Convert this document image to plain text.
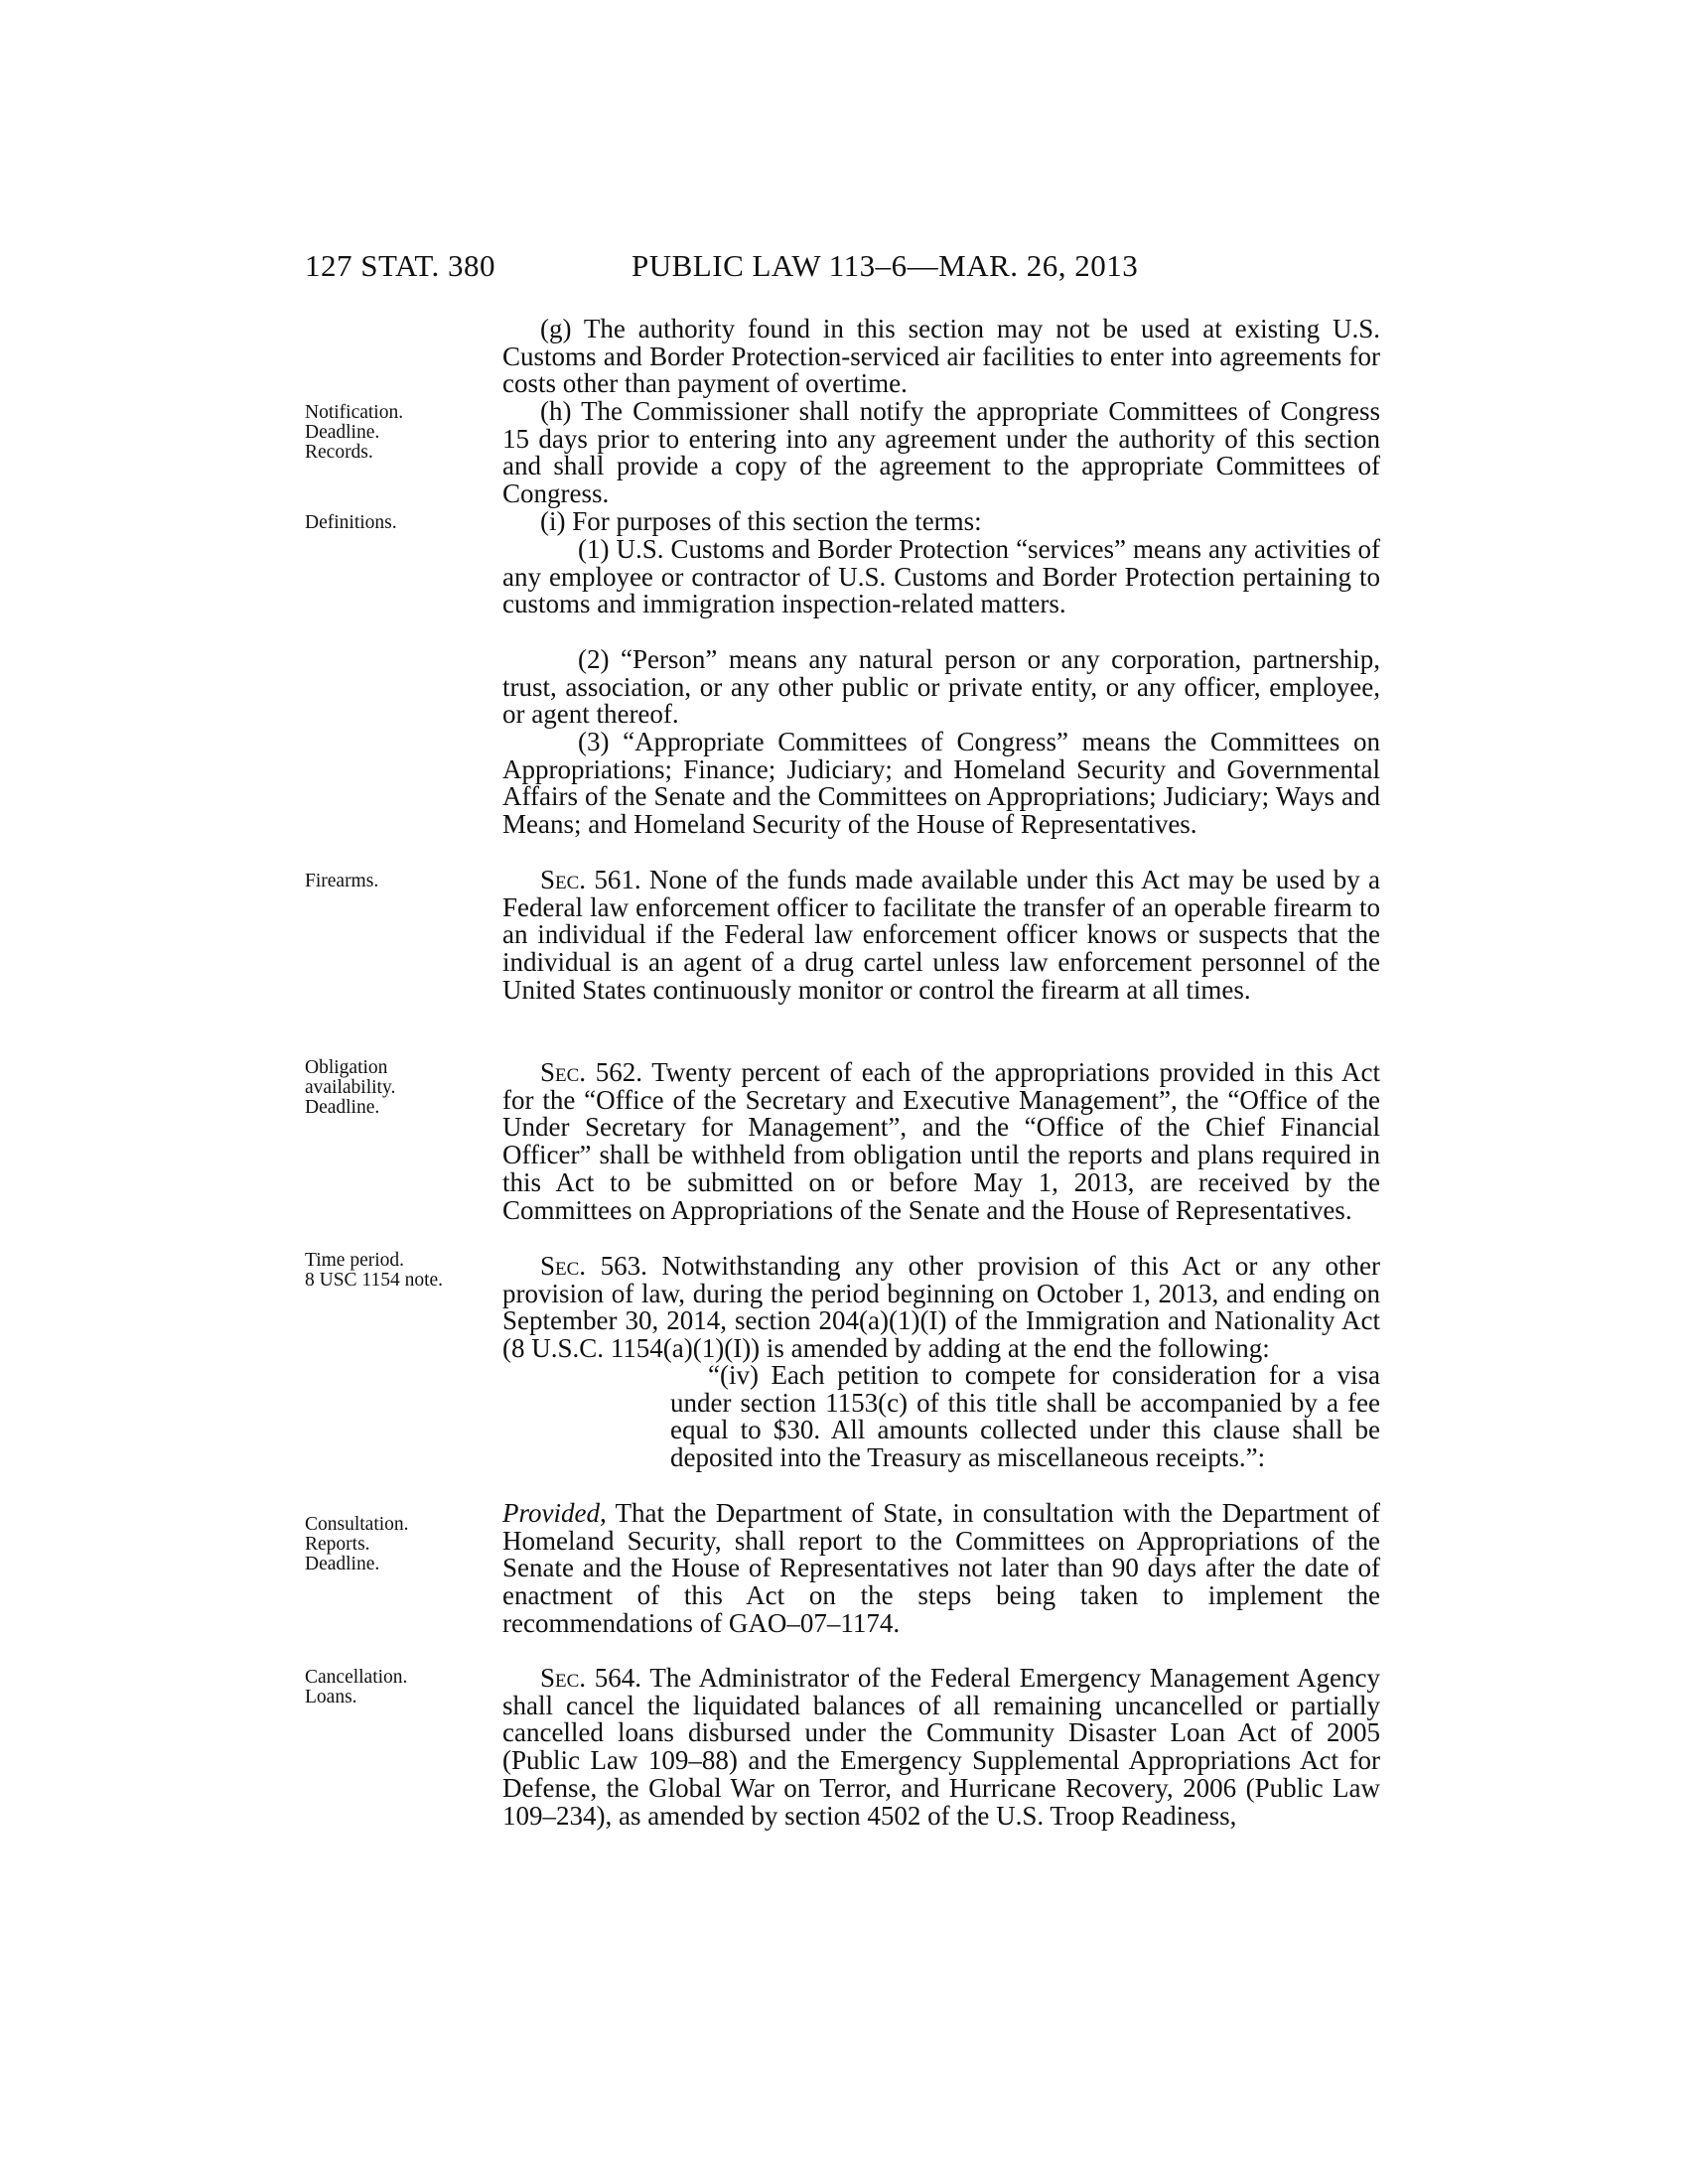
127 STAT. 380	PUBLIC LAW 113–6—MAR. 26, 2013
(g) The authority found in this section may not be used at existing U.S. Customs and Border Protection-serviced air facilities to enter into agreements for costs other than payment of overtime.
Notification.
Deadline.
Records.
(h) The Commissioner shall notify the appropriate Committees of Congress 15 days prior to entering into any agreement under the authority of this section and shall provide a copy of the agreement to the appropriate Committees of Congress.
Definitions.	(i) For purposes of this section the terms:
(1) U.S. Customs and Border Protection “services” means any activities of any employee or contractor of U.S. Customs and Border Protection pertaining to customs and immigration inspection-related matters.
(2) “Person” means any natural person or any corporation, partnership, trust, association, or any other public or private entity, or any officer, employee, or agent thereof.
(3) “Appropriate Committees of Congress” means the Committees on Appropriations; Finance; Judiciary; and Homeland Security and Governmental Affairs of the Senate and the Committees on Appropriations; Judiciary; Ways and Means; and Homeland Security of the House of Representatives.
Firearms.	Sec. 561. None of the funds made available under this Act may be used by a Federal law enforcement officer to facilitate the transfer of an operable firearm to an individual if the Federal law enforcement officer knows or suspects that the individual is an agent of a drug cartel unless law enforcement personnel of the United States continuously monitor or control the firearm at all times.

Obligation
availability.
Deadline.

Sec. 562. Twenty percent of each of the appropriations provided in this Act for the “Office of the Secretary and Executive Management”, the “Office of the Under Secretary for Management”, and the “Office of the Chief Financial Officer” shall be withheld from obligation until the reports and plans required in this Act to be submitted on or before May 1, 2013, are received by the Committees on Appropriations of the Senate and the House of Representatives.

Time period.
8 USC 1154 note.	Sec. 563. Notwithstanding any other provision of this Act or any other provision of law, during the period beginning on October 1, 2013, and ending on September 30, 2014, section 204(a)(1)(I) of the Immigration and Nationality Act (8 U.S.C. 1154(a)(1)(I)) is amended by adding at the end the following:

“(iv) Each petition to compete for consideration for a visa under section 1153(c) of this title shall be accompanied by a fee equal to $30. All amounts collected under this clause shall be deposited into the Treasury as miscellaneous receipts.”:
Consultation.
Reports.
Deadline.

Provided, That the Department of State, in consultation with the Department of Homeland Security, shall report to the Committees on Appropriations of the Senate and the House of Representatives not later than 90 days after the date of enactment of this Act on the steps being taken to implement the recommendations of GAO–07–1174.

Cancellation.
Loans.

Sec. 564. The Administrator of the Federal Emergency Management Agency shall cancel the liquidated balances of all remaining uncancelled or partially cancelled loans disbursed under the Community Disaster Loan Act of 2005 (Public Law 109–88) and the Emergency Supplemental Appropriations Act for Defense, the Global War on Terror, and Hurricane Recovery, 2006 (Public Law 109–234), as amended by section 4502 of the U.S. Troop Readiness,
